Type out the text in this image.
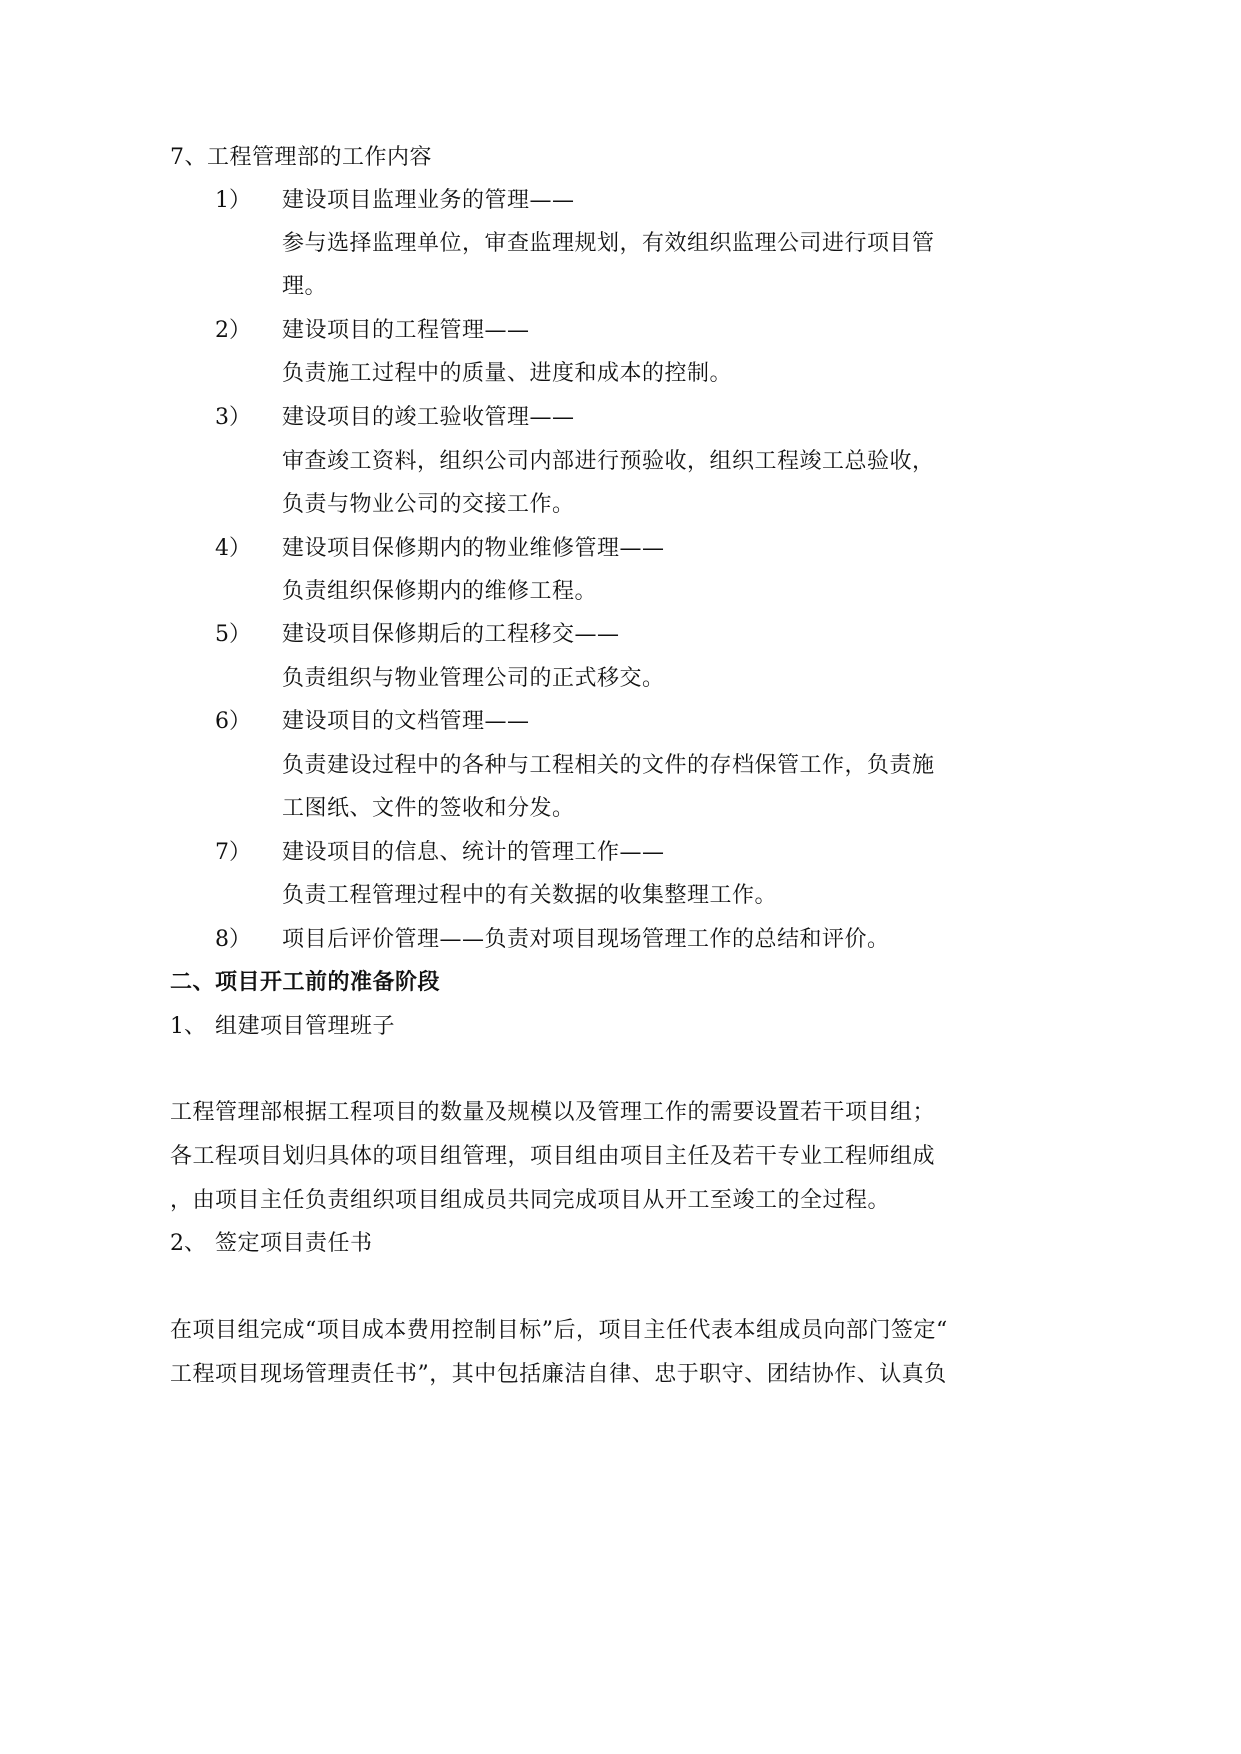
7、工程管理部的工作内容
1） 建设项目监理业务的管理——
参与选择监理单位，审查监理规划，有效组织监理公司进行项目管
理。
2） 建设项目的工程管理——
负责施工过程中的质量、进度和成本的控制。
3） 建设项目的竣工验收管理——
审查竣工资料，组织公司内部进行预验收，组织工程竣工总验收，
负责与物业公司的交接工作。
4） 建设项目保修期内的物业维修管理——
负责组织保修期内的维修工程。
5） 建设项目保修期后的工程移交——
负责组织与物业管理公司的正式移交。
6） 建设项目的文档管理——
负责建设过程中的各种与工程相关的文件的存档保管工作，负责施
工图纸、文件的签收和分发。
7） 建设项目的信息、统计的管理工作——
负责工程管理过程中的有关数据的收集整理工作。
8） 项目后评价管理——负责对项目现场管理工作的总结和评价。
二、项目开工前的准备阶段
1、 组建项目管理班子
工程管理部根据工程项目的数量及规模以及管理工作的需要设置若干项目组；
各工程项目划归具体的项目组管理，项目组由项目主任及若干专业工程师组成
，由项目主任负责组织项目组成员共同完成项目从开工至竣工的全过程。
2、 签定项目责任书
在项目组完成“项目成本费用控制目标”后，项目主任代表本组成员向部门签定“
工程项目现场管理责任书”，其中包括廉洁自律、忠于职守、团结协作、认真负
